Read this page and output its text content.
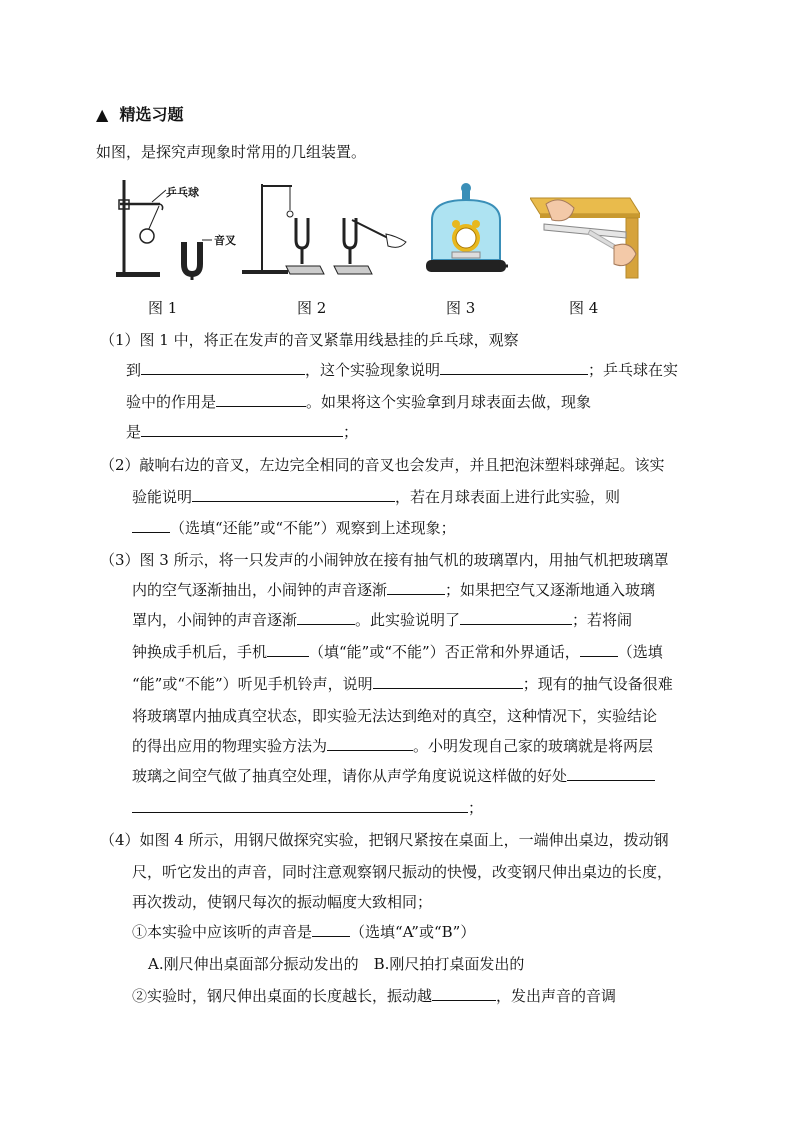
▲ 精选习题
如图，是探究声现象时常用的几组装置。
乒乓球
音叉
图 1	图 2	图 3	图 4
（1）图 1 中，将正在发声的音叉紧靠用线悬挂的乒乓球，观察
到	，这个实验现象说明	；乒乓球在实
验中的作用是	。如果将这个实验拿到月球表面去做，现象
是	；
（2）敲响右边的音叉，左边完全相同的音叉也会发声，并且把泡沫塑料球弹起。该实
验能说明	，若在月球表面上进行此实验，则
（选填“还能”或“不能”）观察到上述现象；
（3）图 3 所示，将一只发声的小闹钟放在接有抽气机的玻璃罩内，用抽气机把玻璃罩
内的空气逐渐抽出，小闹钟的声音逐渐	；如果把空气又逐渐地通入玻璃
罩内，小闹钟的声音逐渐	。此实验说明了	；若将闹
钟换成手机后，手机	（填“能”或“不能”）否正常和外界通话，	（选填
“能”或“不能”）听见手机铃声，说明	；现有的抽气设备很难
将玻璃罩内抽成真空状态，即实验无法达到绝对的真空，这种情况下，实验结论
的得出应用的物理实验方法为	。小明发现自己家的玻璃就是将两层
玻璃之间空气做了抽真空处理，请你从声学角度说说这样做的好处
；
（4）如图 4 所示，用钢尺做探究实验，把钢尺紧按在桌面上，一端伸出桌边，拨动钢
尺，听它发出的声音，同时注意观察钢尺振动的快慢，改变钢尺伸出桌边的长度，
再次拨动，使钢尺每次的振动幅度大致相同；
①本实验中应该听的声音是	（选填“A”或“B”）
A.刚尺伸出桌面部分振动发出的　B.刚尺拍打桌面发出的
②实验时，钢尺伸出桌面的长度越长，振动越	，发出声音的音调
